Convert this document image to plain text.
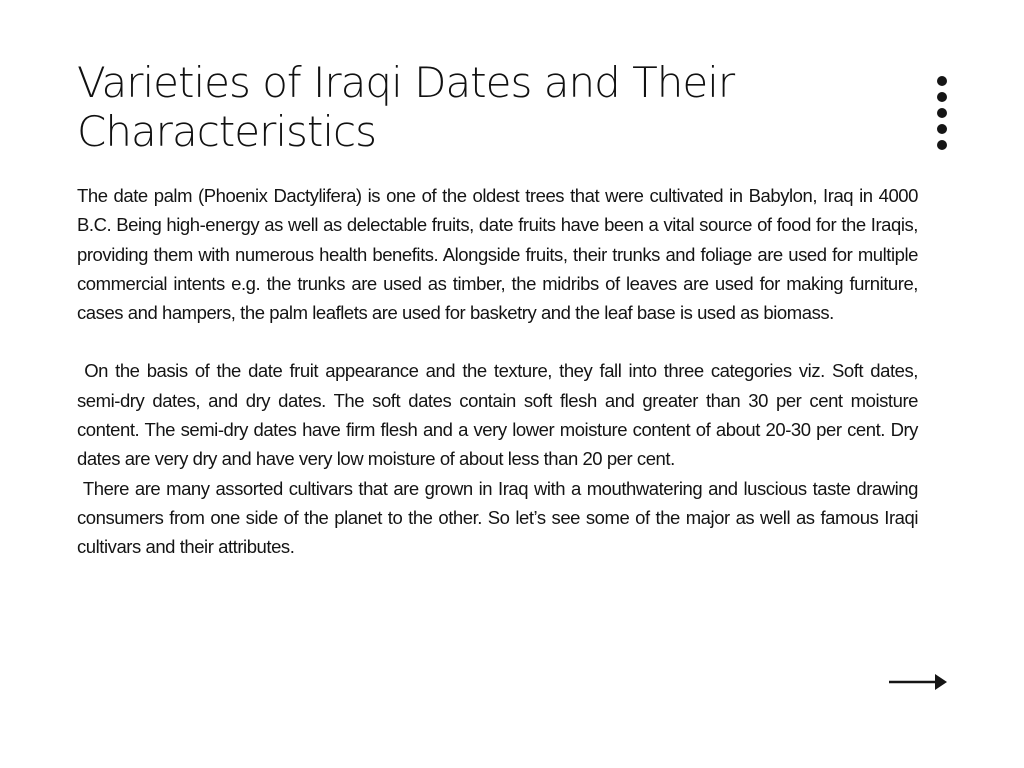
Varieties of Iraqi Dates and Their Characteristics

The date palm (Phoenix Dactylifera) is one of the oldest trees that were cultivated in Babylon, Iraq in 4000 B.C. Being high-energy as well as delectable fruits, date fruits have been a vital source of food for the Iraqis, providing them with numerous health benefits. Alongside fruits, their trunks and foliage are used for multiple commercial intents e.g. the trunks are used as timber, the midribs of leaves are used for making furniture, cases and hampers, the palm leaflets are used for basketry and the leaf base is used as biomass.

On the basis of the date fruit appearance and the texture, they fall into three categories viz. Soft dates, semi-dry dates, and dry dates. The soft dates contain soft flesh and greater than 30 per cent moisture content. The semi-dry dates have firm flesh and a very lower moisture content of about 20-30 per cent. Dry dates are very dry and have very low moisture of about less than 20 per cent.

There are many assorted cultivars that are grown in Iraq with a mouthwatering and luscious taste drawing consumers from one side of the planet to the other. So let’s see some of the major as well as famous Iraqi cultivars and their attributes.
